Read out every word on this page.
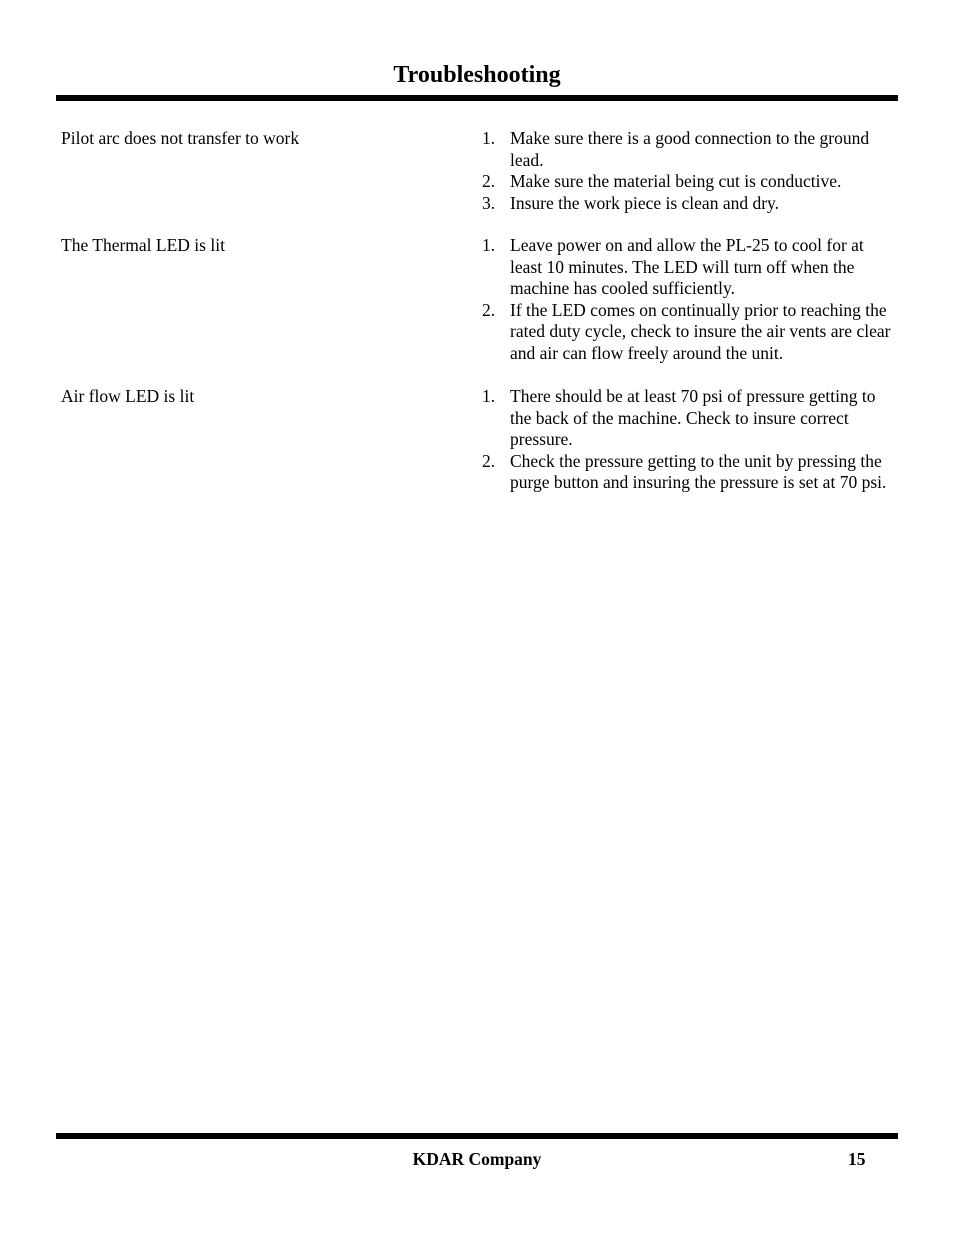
Troubleshooting
Pilot arc does not transfer to work	1. Make sure there is a good connection to the ground lead.
2. Make sure the material being cut is conductive.
3. Insure the work piece is clean and dry.
The Thermal LED is lit	1. Leave power on and allow the PL-25 to cool for at least 10 minutes. The LED will turn off when the machine has cooled sufficiently.
2. If the LED comes on continually prior to reaching the rated duty cycle, check to insure the air vents are clear and air can flow freely around the unit.
Air flow LED is lit	1. There should be at least 70 psi of pressure getting to the back of the machine. Check to insure correct pressure.
2. Check the pressure getting to the unit by pressing the purge button and insuring the pressure is set at 70 psi.
KDAR Company	15
